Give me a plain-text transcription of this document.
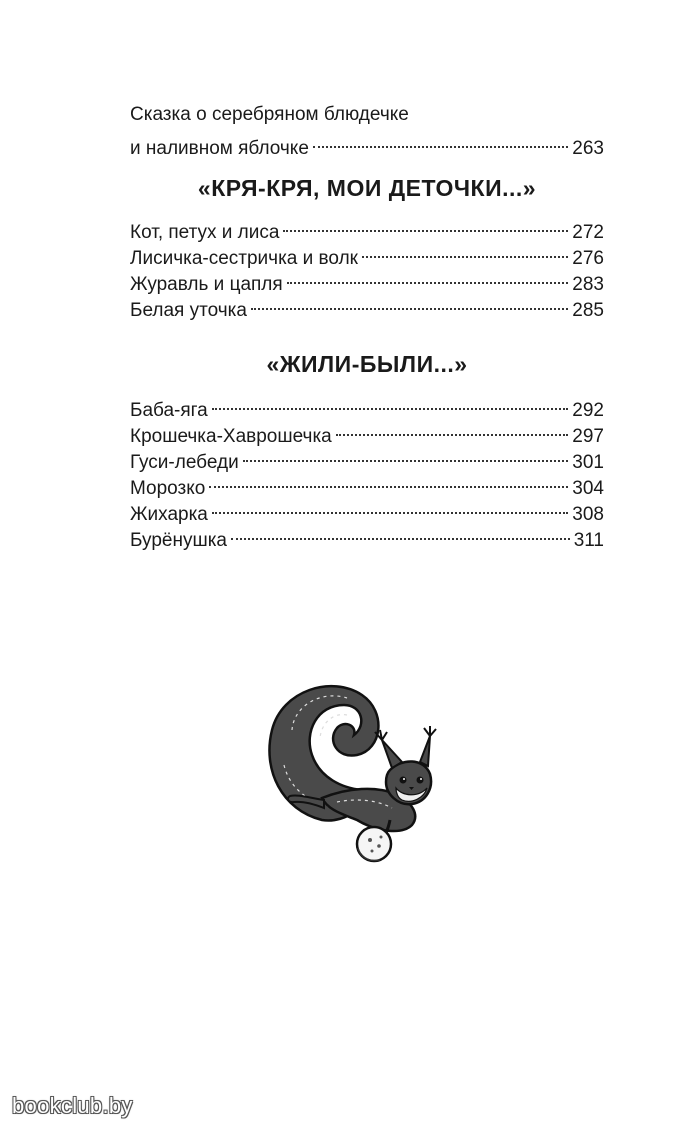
Сказка о серебряном блюдечке
и наливном яблочке	263
«КРЯ-КРЯ, МОИ ДЕТОЧКИ...»
Кот, петух и лиса	272
Лисичка-сестричка и волк	276
Журавль и цапля	283
Белая уточка	285
«ЖИЛИ-БЫЛИ...»
Баба-яга	292
Крошечка-Хаврошечка	297
Гуси-лебеди	301
Морозко	304
Жихарка	308
Бурёнушка	311
bookclub.by
